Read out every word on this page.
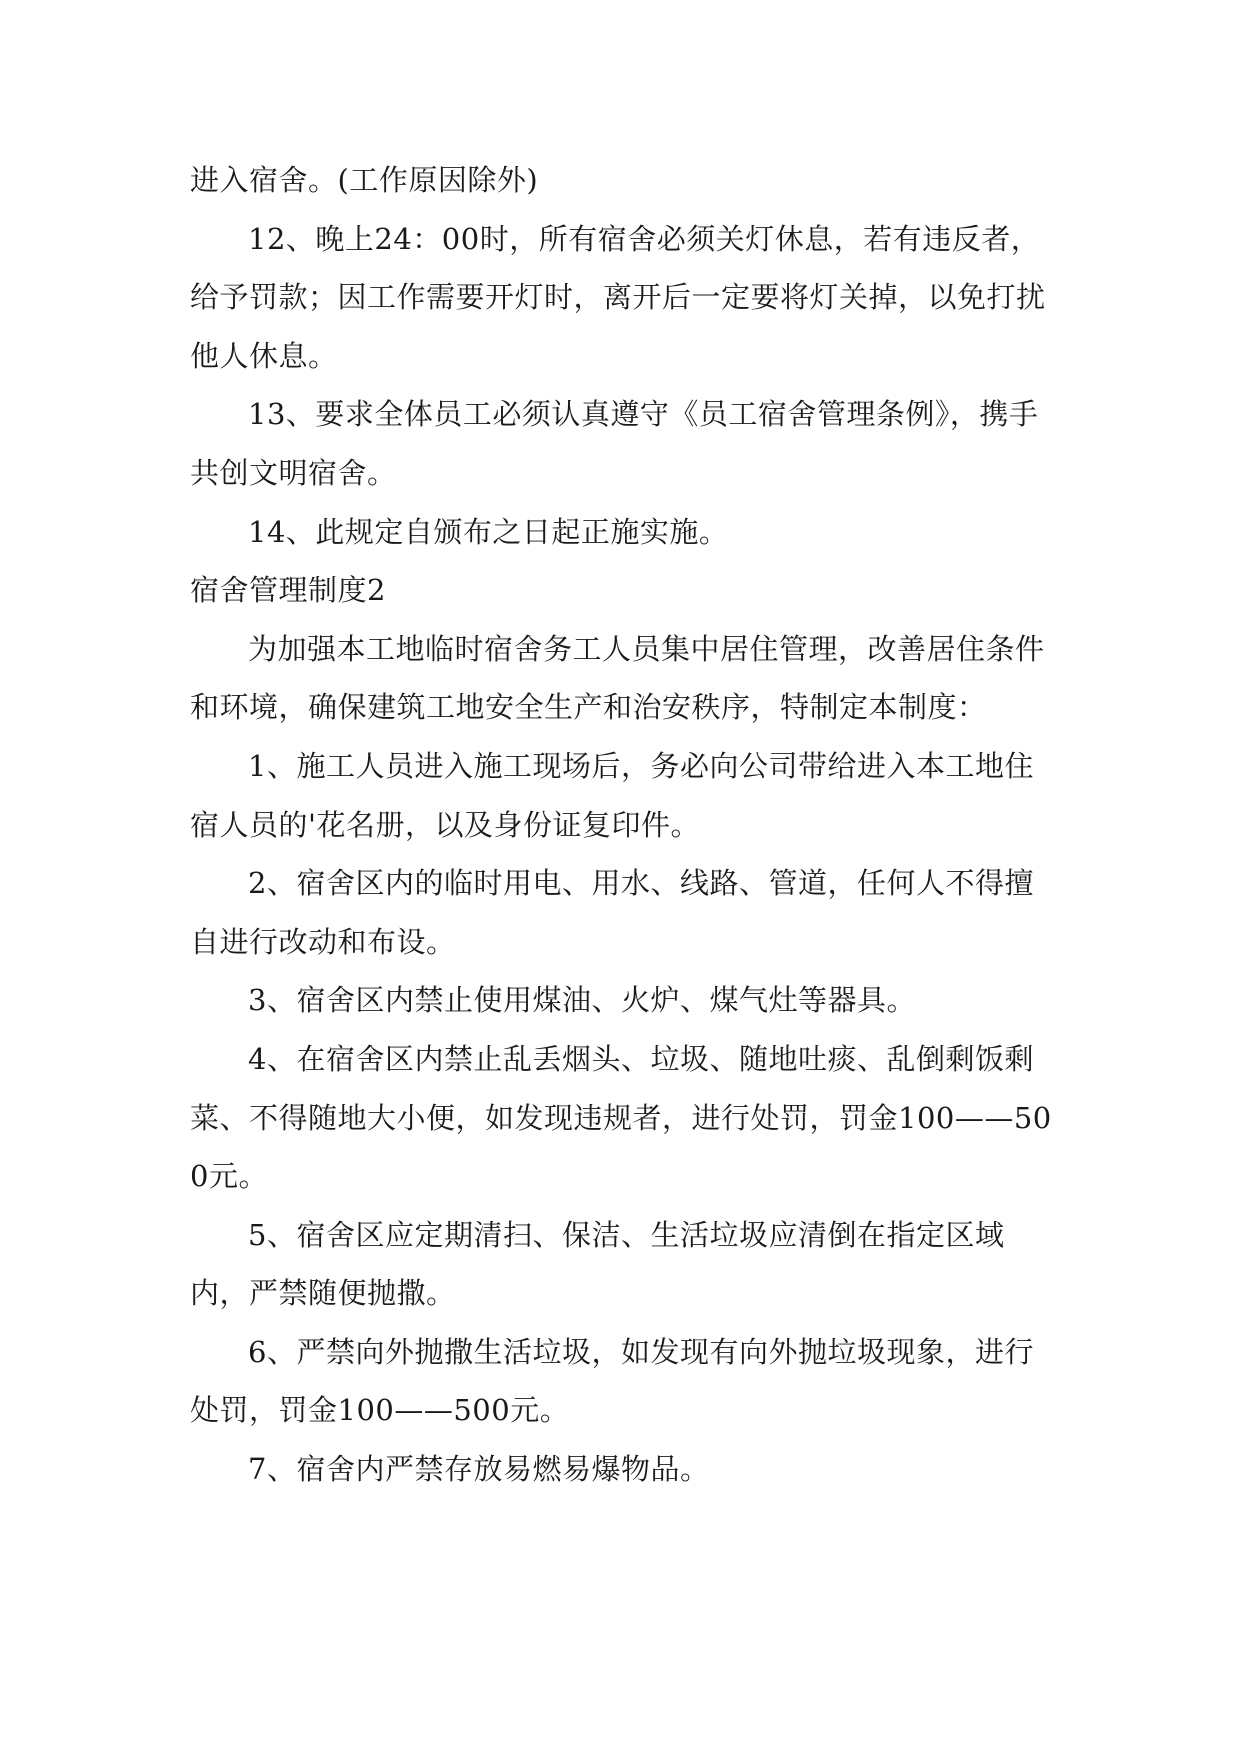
进入宿舍。(工作原因除外)

12、晚上24：00时，所有宿舍必须关灯休息，若有违反者，给予罚款；因工作需要开灯时，离开后一定要将灯关掉，以免打扰他人休息。

13、要求全体员工必须认真遵守《员工宿舍管理条例》，携手共创文明宿舍。

14、此规定自颁布之日起正施实施。

宿舍管理制度2

为加强本工地临时宿舍务工人员集中居住管理，改善居住条件和环境，确保建筑工地安全生产和治安秩序，特制定本制度：

1、施工人员进入施工现场后，务必向公司带给进入本工地住宿人员的'花名册，以及身份证复印件。

2、宿舍区内的临时用电、用水、线路、管道，任何人不得擅自进行改动和布设。

3、宿舍区内禁止使用煤油、火炉、煤气灶等器具。

4、在宿舍区内禁止乱丢烟头、垃圾、随地吐痰、乱倒剩饭剩菜、不得随地大小便，如发现违规者，进行处罚，罚金100——500元。

5、宿舍区应定期清扫、保洁、生活垃圾应清倒在指定区域内，严禁随便抛撒。

6、严禁向外抛撒生活垃圾，如发现有向外抛垃圾现象，进行处罚，罚金100——500元。

7、宿舍内严禁存放易燃易爆物品。
